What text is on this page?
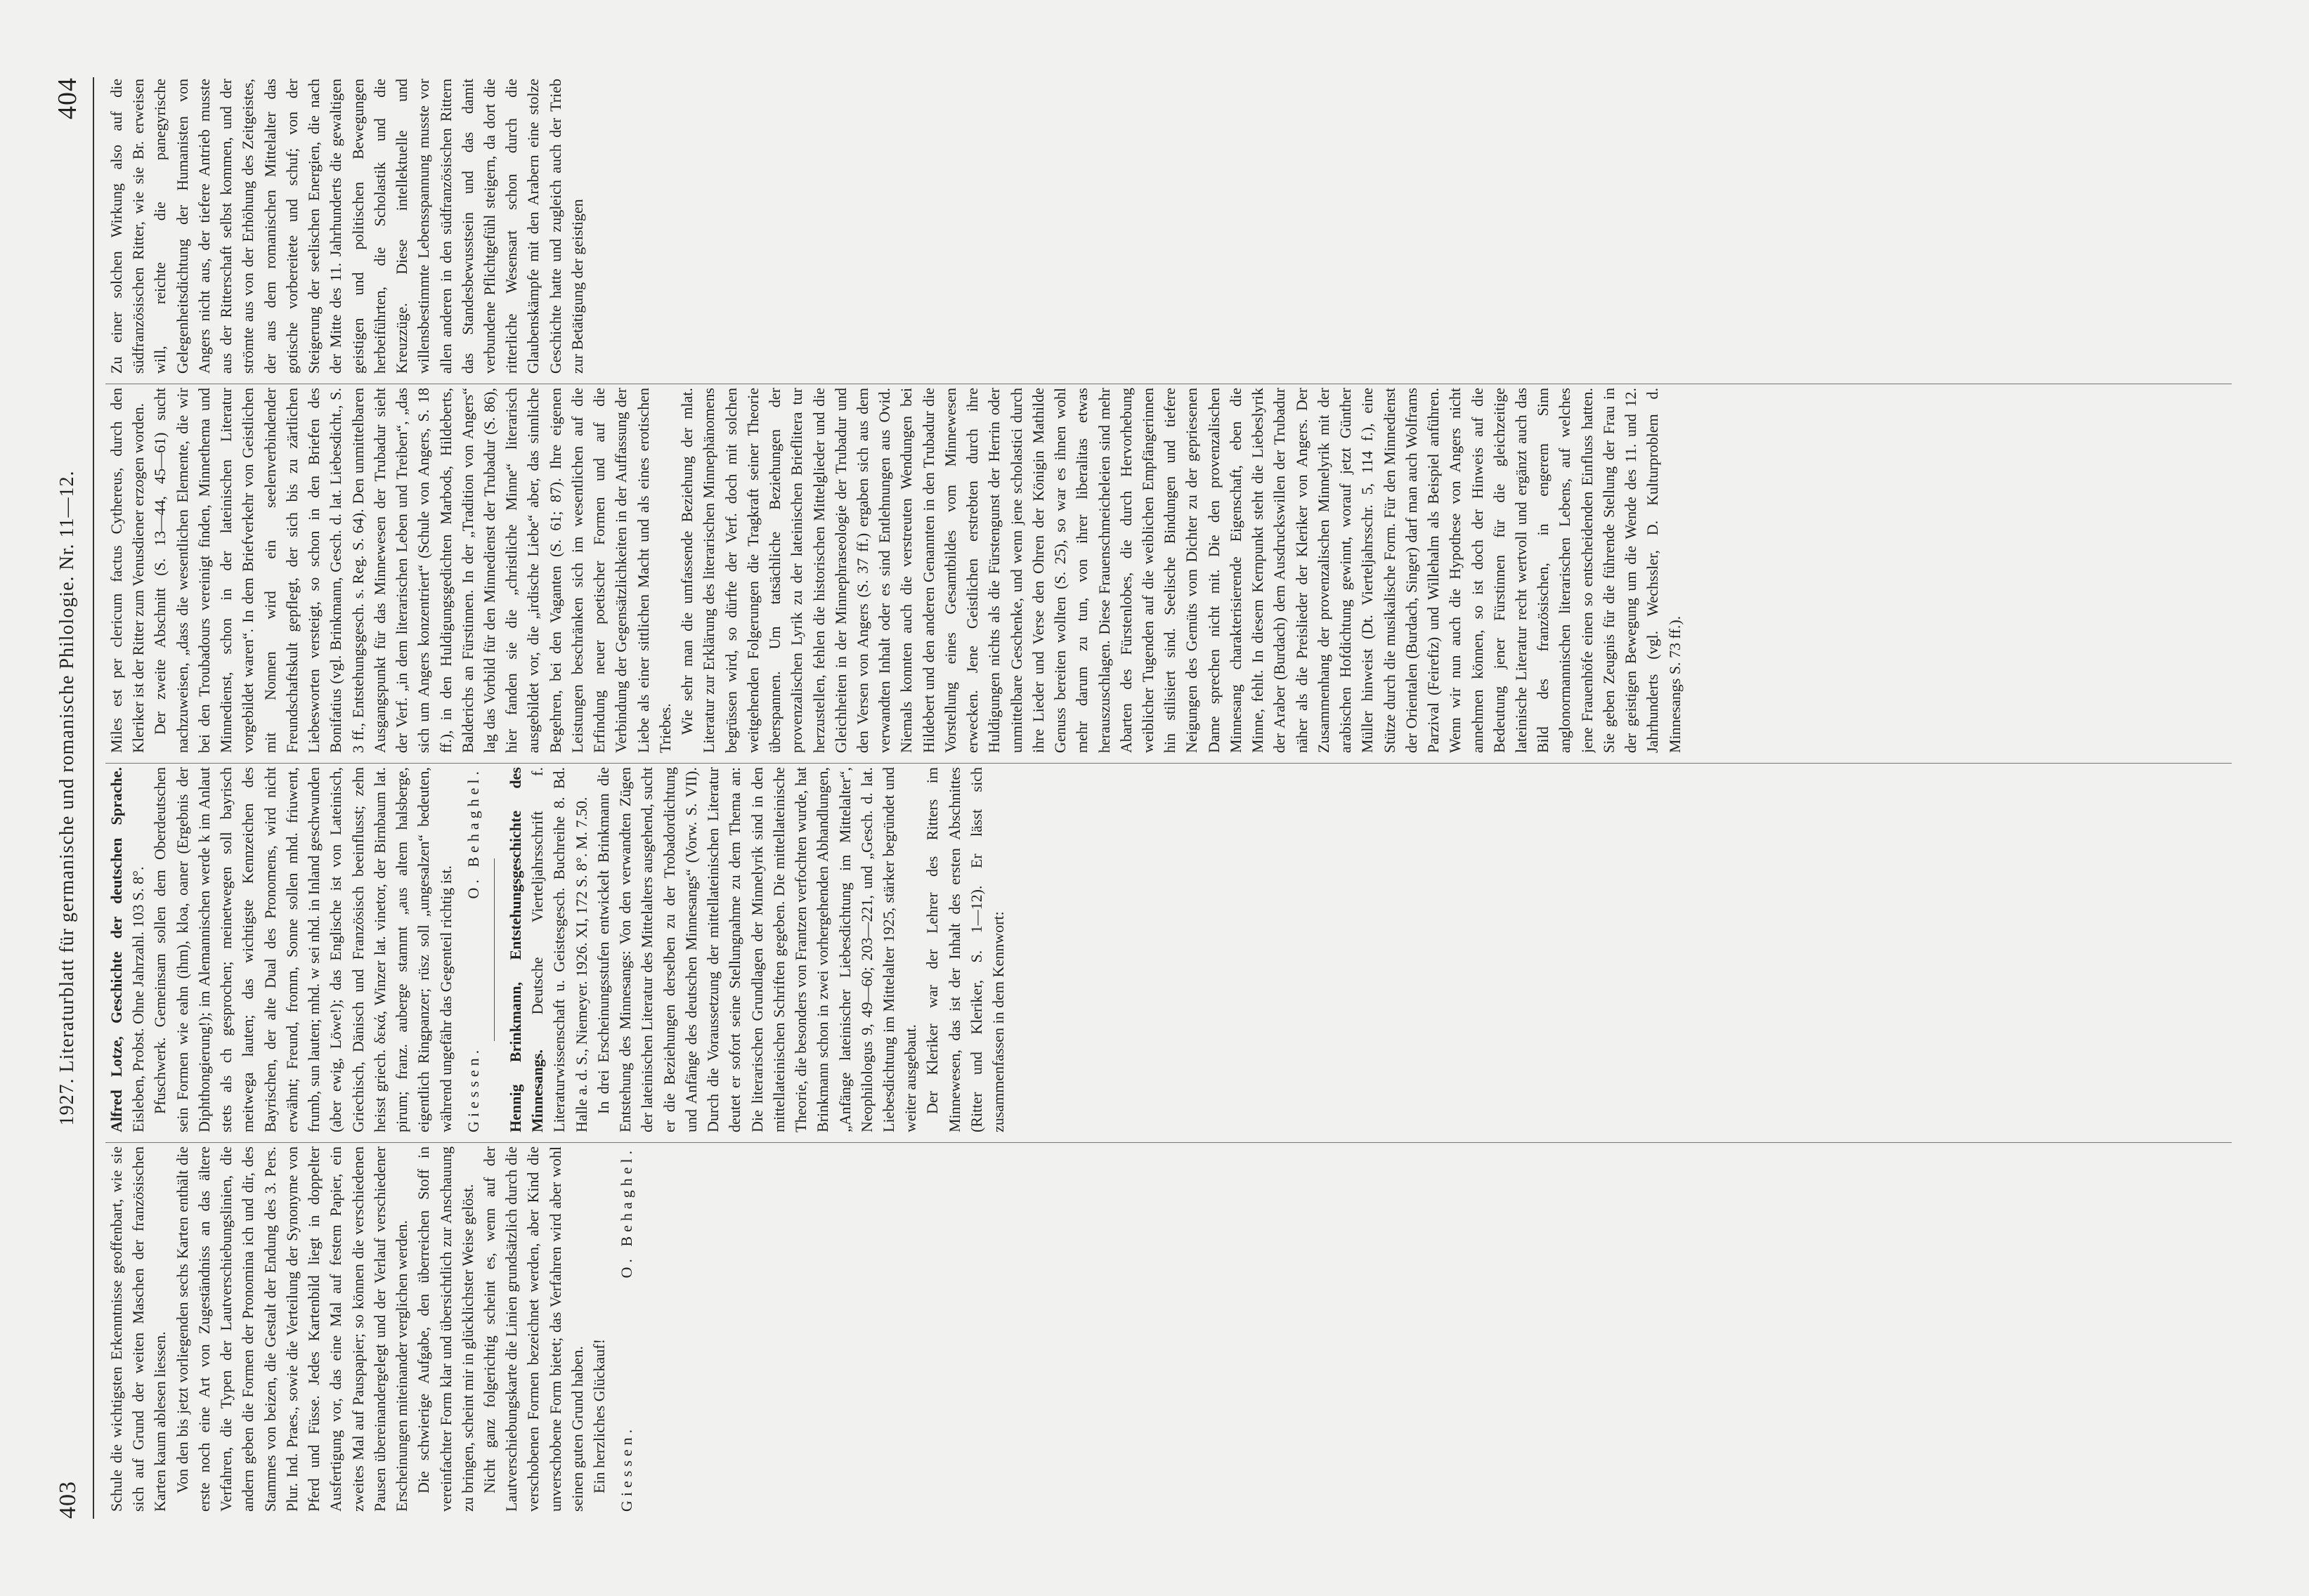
403
1927. Literaturblatt für germanische und romanische Philologie. Nr. 11—12.
404

Schule die wichtigsten Erkenntnisse geoffenbart, wie sie sich auf Grund der weiten Maschen der französischen Karten kaum ablesen liessen. Von den bis jetzt vorliegenden sechs Karten enthält die erste noch eine Art von Zugeständniss an das ältere Verfahren, die Typen der Lautverschiebungslinien, die andern geben die Formen der Pronomina ich und dir, des Stammes von beizen, die Gestalt der Endung des 3. Pers. Plur. Ind. Praes., sowie die Verteilung der Synonyme von Pferd und Füsse. Jedes Kartenbild liegt in doppelter Ausfertigung vor, das eine Mal auf festem Papier, ein zweites Mal auf Pauspapier; so können die verschiedenen Pausen übereinandergelegt und der Verlauf verschiedener Erscheinungen miteinander verglichen werden. Die schwierige Aufgabe, den überreichen Stoff in vereinfachter Form klar und übersichtlich zur Anschauung zu bringen, scheint mir in glücklichster Weise gelöst. Nicht ganz folgerichtig scheint es, wenn auf der Lautverschiebungskarte die Linien grundsätzlich durch die verschobenen Formen bezeichnet werden, aber Kind die unverschobene Form bietet; das Verfahren wird aber wohl seinen guten Grund haben. Ein herzliches Glückauf! Giessen.
O. Behaghel.

Alfred Lotze, Geschichte der deutschen Sprache. Eisleben, Probst. Ohne Jahrzahl. 103 S. 8°. Pfuschwerk. Gemeinsam sollen dem Oberdeutschen sein Formen wie eahn (ihm), kloa, oaner (Ergebnis der Diphthongierung!); im Alemannischen werde k im Anlaut stets als ch gesprochen; meinetwegen soll bayrisch meitwega lauten; das wichtigste Kennzeichen des Bayrischen, der alte Dual des Pronomens, wird nicht erwähnt; Freund, fromm, Sonne sollen mhd. friuwent, frumb, sun lauten; mhd. w sei nhd. in Inland geschwunden (aber ewig, Löwe!); das Englische ist von Lateinisch, Griechisch, Dänisch und Französisch beeinflusst; zehn heisst griech. δεκά, Winzer lat. vinetor, der Birnbaum lat. pirum; franz. auberge stammt „aus altem halsberge, eigentlich Ringpanzer; rüsz soll „ungesalzen“ bedeuten, während ungefähr das Gegenteil richtig ist. Giessen.
O. Behaghel. Hennig Brinkmann, Entstehungsgeschichte des Minnesangs. Deutsche Vierteljahrsschrift f. Literaturwissenschaft u. Geistesgesch. Buchreihe 8. Bd. Halle a. d. S., Niemeyer. 1926. XI, 172 S. 8°. M. 7.50. In drei Erscheinungsstufen entwickelt Brinkmann die Entstehung des Minnesangs: Von den verwandten Zügen der lateinischen Literatur des Mittelalters ausgehend, sucht er die Beziehungen derselben zu der Trobadordichtung und Anfänge des deutschen Minnesangs“ (Vorw. S. VII). Durch die Voraussetzung der mittellateinischen Literatur deutet er sofort seine Stellungnahme zu dem Thema an: Die literarischen Grundlagen der Minnelyrik sind in den mittellateinischen Schriften gegeben. Die mittellateinische Theorie, die besonders von Frantzen verfochten wurde, hat Brinkmann schon in zwei vorhergehenden Abhandlungen, „Anfänge lateinischer Liebesdichtung im Mittelalter“, Neophilologus 9, 49—60; 203—221, und „Gesch. d. lat. Liebesdichtung im Mittelalter 1925, stärker begründet und weiter ausgebaut. Der Kleriker war der Lehrer des Ritters im Minnewesen, das ist der Inhalt des ersten Abschnittes (Ritter und Kleriker, S. 1—12). Er lässt sich zusammenfassen in dem Kennwort:

Miles est per clericum factus Cythereus, durch den Kleriker ist der Ritter zum Venusdiener erzogen worden. Der zweite Abschnitt (S. 13—44, 45—61) sucht nachzuweisen, „dass die wesentlichen Elemente, die wir bei den Troubadours vereinigt finden, Minnethema und Minnedienst, schon in der lateinischen Literatur vorgebildet waren“. In dem Briefverkehr von Geistlichen mit Nonnen wird ein seelenverbindender Freundschaftskult gepflegt, der sich bis zu zärtlichen Liebesworten versteigt, so schon in den Briefen des Bonifatius (vgl. Brinkmann, Gesch. d. lat. Liebesdicht., S. 3 ff., Entstehungsgesch. s. Reg. S. 64). Den unmittelbaren Ausgangspunkt für das Minnewesen der Trubadur sieht der Verf. „in dem literarischen Leben und Treiben“, „das sich um Angers konzentriert“ (Schule von Angers, S. 18 ff.), in den Huldigungsgedichten Marbods, Hildeberts, Balderichs an Fürstinnen. In der „Tradition von Angers“ lag das Vorbild für den Minnedienst der Trubadur (S. 86), hier fanden sie die „christliche Minne“ literarisch ausgebildet vor, die „irdische Liebe“ aber, das sinnliche Begehren, bei den Vaganten (S. 61; 87). Ihre eigenen Leistungen beschränken sich im wesentlichen auf die Erfindung neuer poetischer Formen und auf die Verbindung der Gegensätzlichkeiten in der Auffassung der Liebe als einer sittlichen Macht und als eines erotischen Triebes. Wie sehr man die umfassende Beziehung der mlat. Literatur zur Erklärung des literarischen Minnephänomens begrüssen wird, so dürfte der Verf. doch mit solchen weitgehenden Folgerungen die Tragkraft seiner Theorie überspannen. Um tatsächliche Beziehungen der provenzalischen Lyrik zu der lateinischen Brieflitera tur herzustellen, fehlen die historischen Mittelglieder und die Gleichheiten in der Minnephraseologie der Trubadur und den Versen von Angers (S. 37 ff.) ergaben sich aus dem verwandten Inhalt oder es sind Entlehnungen aus Ovid. Niemals konnten auch die verstreuten Wendungen bei Hildebert und den anderen Genannten in den Trubadur die Vorstellung eines Gesamtbildes vom Minnewesen erwecken. Jene Geistlichen erstrebten durch ihre Huldigungen nichts als die Fürstengunst der Herrin oder unmittelbare Geschenke, und wenn jene scholastici durch ihre Lieder und Verse den Ohren der Königin Mathilde Genuss bereiten wollten (S. 25), so war es ihnen wohl mehr darum zu tun, von ihrer liberalitas etwas herauszuschlagen. Diese Frauenschmeicheleien sind mehr Abarten des Fürstenlobes, die durch Hervorhebung weiblicher Tugenden auf die weiblichen Empfängerinnen hin stilisiert sind. Seelische Bindungen und tiefere Neigungen des Gemüts vom Dichter zu der gepriesenen Dame sprechen nicht mit. Die den provenzalischen Minnesang charakterisierende Eigenschaft, eben die Minne, fehlt. In diesem Kernpunkt steht die Liebeslyrik der Araber (Burdach) dem Ausdruckswillen der Trubadur näher als die Preislieder der Kleriker von Angers. Der Zusammenhang der provenzalischen Minnelyrik mit der arabischen Hofdichtung gewinnt, worauf jetzt Günther Müller hinweist (Dt. Vierteljahrsschr. 5, 114 f.), eine Stütze durch die musikalische Form. Für den Minnedienst der Orientalen (Burdach, Singer) darf man auch Wolframs Parzival (Feirefiz) und Willehalm als Beispiel anführen. Wenn wir nun auch die Hypothese von Angers nicht annehmen können, so ist doch der Hinweis auf die Bedeutung jener Fürstinnen für die gleichzeitige lateinische Literatur recht wertvoll und ergänzt auch das Bild des französischen, in engerem Sinn anglonormannischen literarischen Lebens, auf welches jene Frauenhöfe einen so entscheidenden Einfluss hatten. Sie geben Zeugnis für die führende Stellung der Frau in der geistigen Bewegung um die Wende des 11. und 12. Jahrhunderts (vgl. Wechssler, D. Kulturproblem d. Minnesangs S. 73 ff.).

Zu einer solchen Wirkung also auf die südfranzösischen Ritter, wie sie Br. erweisen will, reichte die panegyrische Gelegenheitsdichtung der Humanisten von Angers nicht aus, der tiefere Antrieb musste aus der Ritterschaft selbst kommen, und der strömte aus von der Erhöhung des Zeitgeistes, der aus dem romanischen Mittelalter das gotische vorbereitete und schuf; von der Steigerung der seelischen Energien, die nach der Mitte des 11. Jahrhunderts die gewaltigen geistigen und politischen Bewegungen herbeiführten, die Scholastik und die Kreuzzüge. Diese intellektuelle und willensbestimmte Lebensspannung musste vor allen anderen in den südfranzösischen Rittern das Standesbewusstsein und das damit verbundene Pflichtgefühl steigern, da dort die ritterliche Wesensart schon durch die Glaubenskämpfe mit den Arabern eine stolze Geschichte hatte und zugleich auch der Trieb zur Betätigung der geistigen
